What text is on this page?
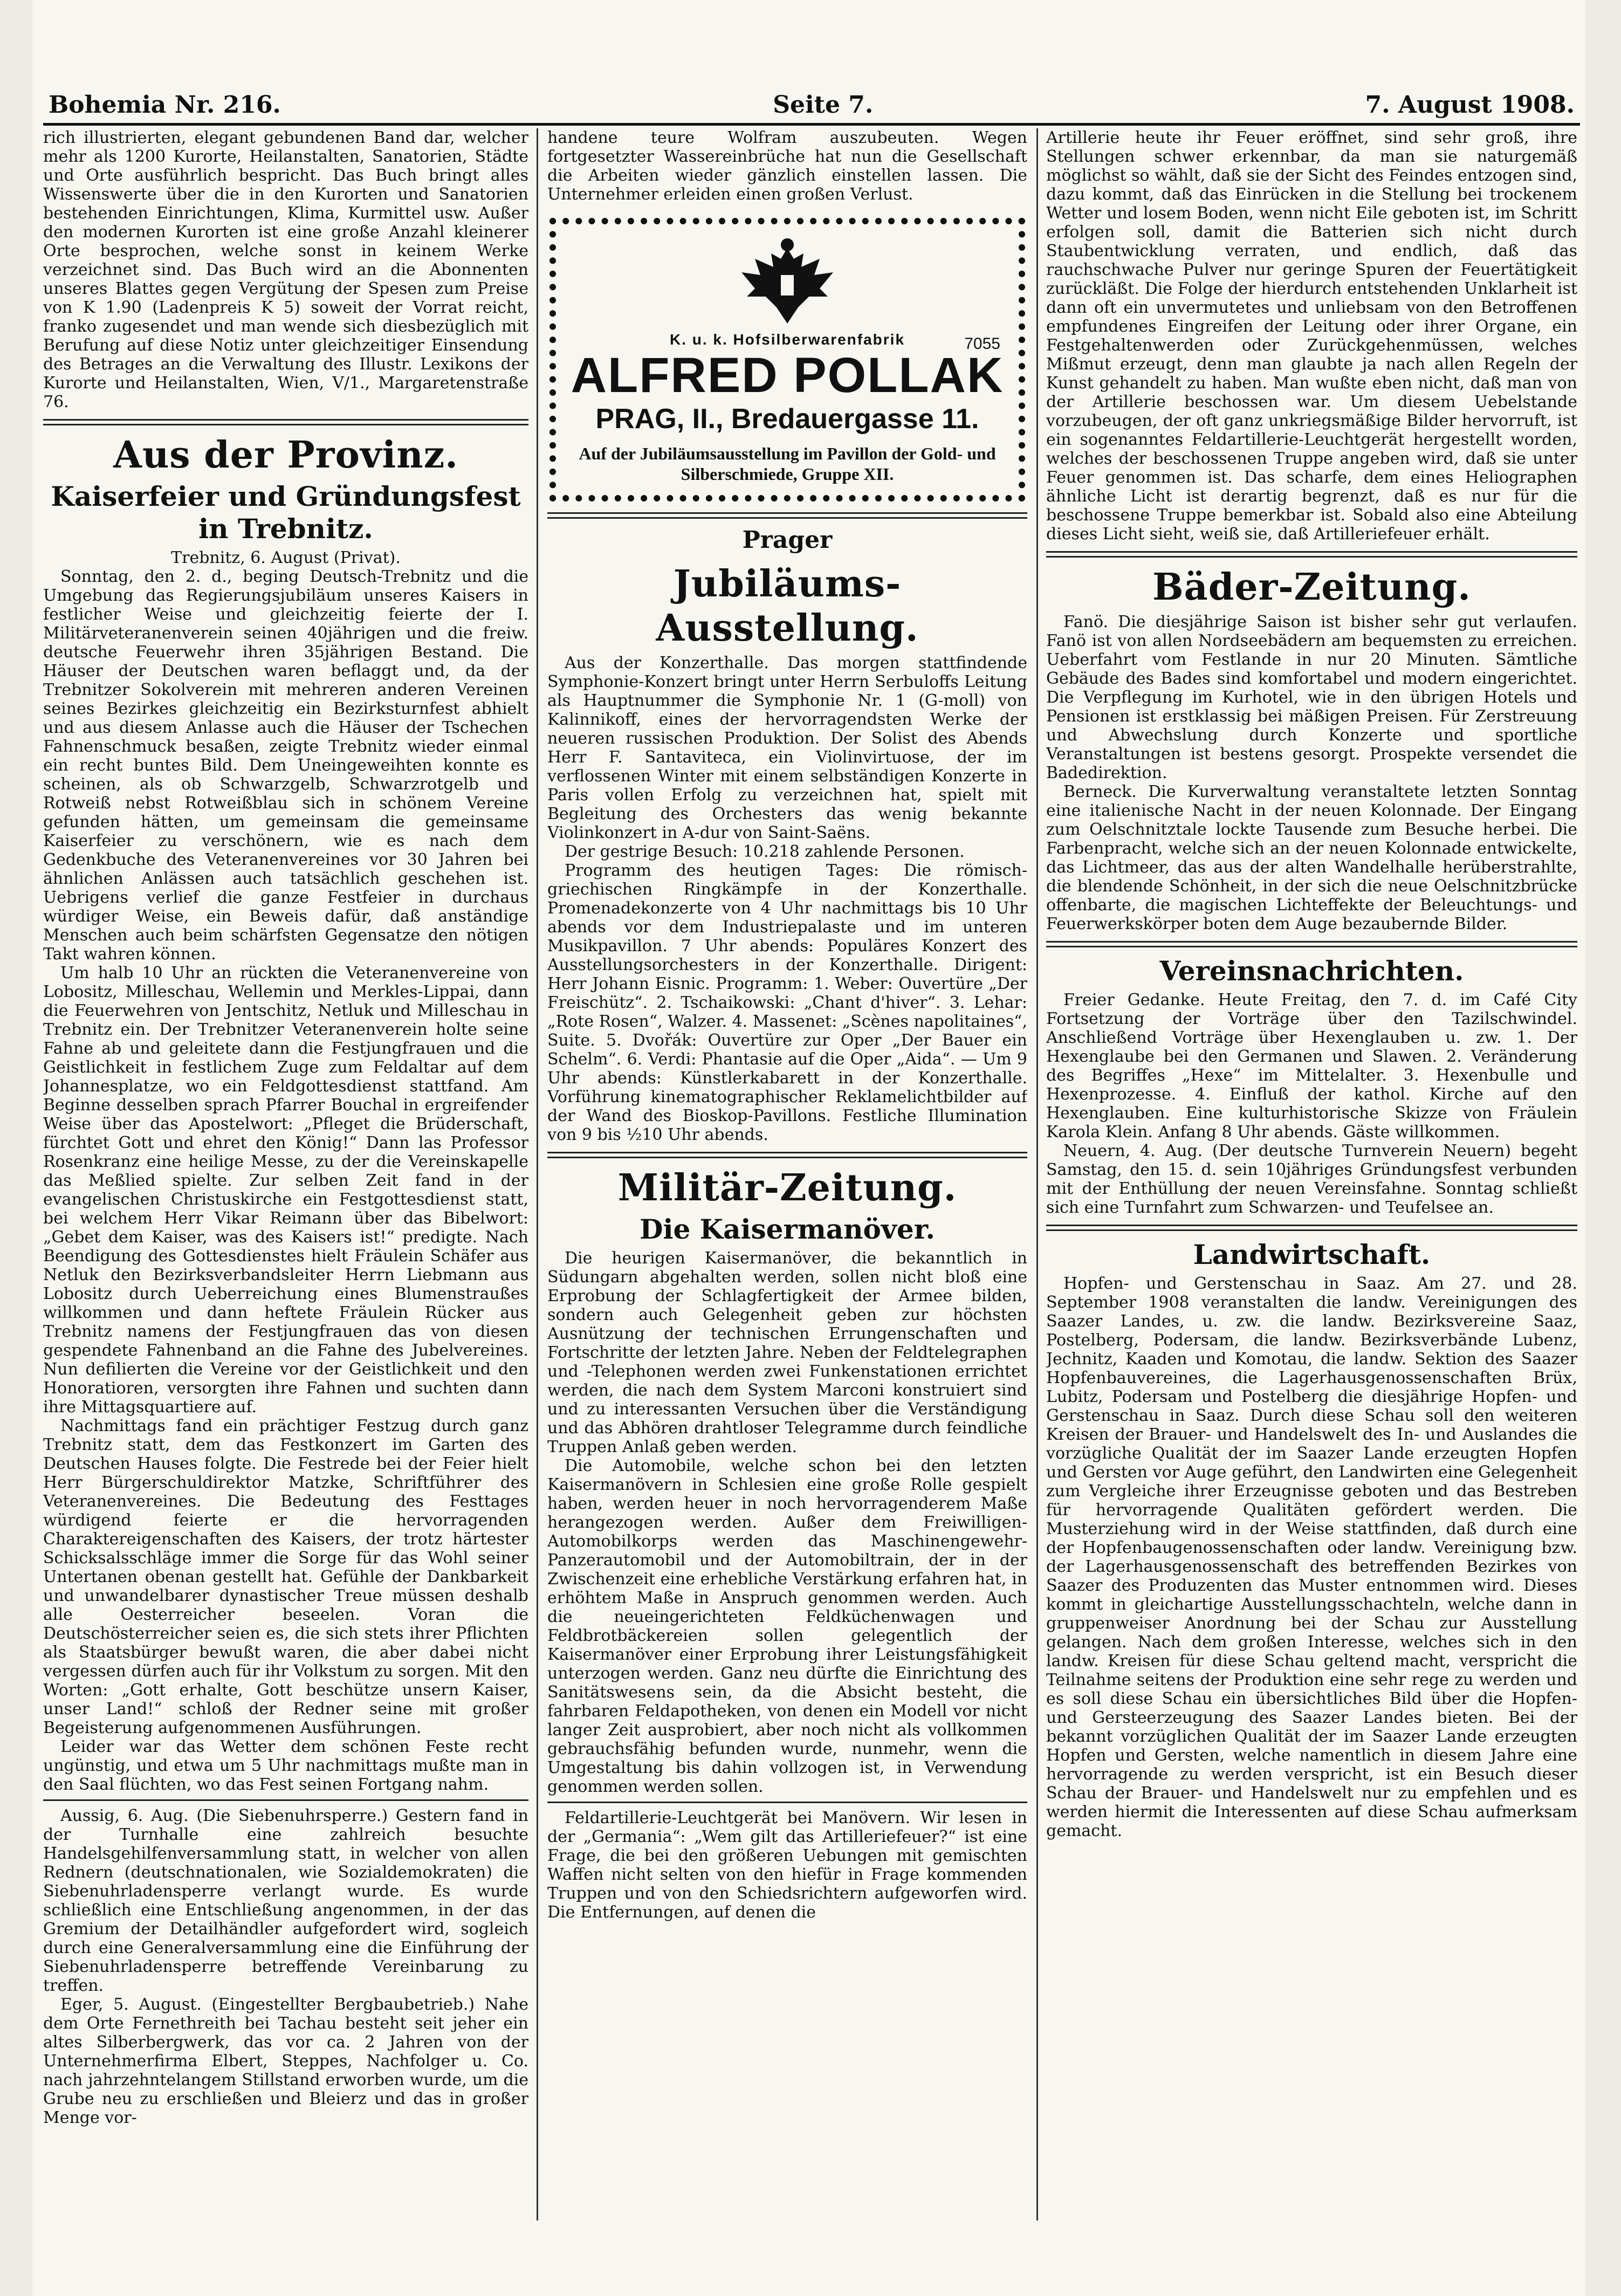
Bohemia Nr. 216.	Seite 7.	7. August 1908.

rich illustrierten, elegant gebundenen Band dar, welcher mehr als 1200 Kurorte, Heilanstalten, Sanatorien, Städte und Orte ausführlich bespricht. Das Buch bringt alles Wissenswerte über die in den Kurorten und Sanatorien bestehenden Einrichtungen, Klima, Kurmittel usw. Außer den modernen Kurorten ist eine große Anzahl kleinerer Orte besprochen, welche sonst in keinem Werke verzeichnet sind. Das Buch wird an die Abonnenten unseres Blattes gegen Vergütung der Spesen zum Preise von K 1.90 (Ladenpreis K 5) soweit der Vorrat reicht, franko zugesendet und man wende sich diesbezüglich mit Berufung auf diese Notiz unter gleichzeitiger Einsendung des Betrages an die Verwaltung des Illustr. Lexikons der Kurorte und Heilanstalten, Wien, V/1., Margaretenstraße 76.

Aus der Provinz.
Kaiserfeier und Gründungsfest in Trebnitz.

Trebnitz, 6. August (Privat).

Sonntag, den 2. d., beging Deutsch-Trebnitz und die Umgebung das Regierungsjubiläum unseres Kaisers in festlicher Weise und gleichzeitig feierte der I. Militärveteranenverein seinen 40jährigen und die freiw. deutsche Feuerwehr ihren 35jährigen Bestand. Die Häuser der Deutschen waren beflaggt und, da der Trebnitzer Sokolverein mit mehreren anderen Vereinen seines Bezirkes gleichzeitig ein Bezirksturnfest abhielt und aus diesem Anlasse auch die Häuser der Tschechen Fahnenschmuck besaßen, zeigte Trebnitz wieder einmal ein recht buntes Bild. Dem Uneingeweihten konnte es scheinen, als ob Schwarzgelb, Schwarzrotgelb und Rotweiß nebst Rotweißblau sich in schönem Vereine gefunden hätten, um gemeinsam die gemeinsame Kaiserfeier zu verschönern, wie es nach dem Gedenkbuche des Veteranenvereines vor 30 Jahren bei ähnlichen Anlässen auch tatsächlich geschehen ist. Uebrigens verlief die ganze Festfeier in durchaus würdiger Weise, ein Beweis dafür, daß anständige Menschen auch beim schärfsten Gegensatze den nötigen Takt wahren können.

Um halb 10 Uhr an rückten die Veteranenvereine von Lobositz, Milleschau, Wellemin und Merkles-Lippai, dann die Feuerwehren von Jentschitz, Netluk und Milleschau in Trebnitz ein. Der Trebnitzer Veteranenverein holte seine Fahne ab und geleitete dann die Festjungfrauen und die Geistlichkeit in festlichem Zuge zum Feldaltar auf dem Johannesplatze, wo ein Feldgottesdienst stattfand. Am Beginne desselben sprach Pfarrer Bouchal in ergreifender Weise über das Apostelwort: „Pfleget die Brüderschaft, fürchtet Gott und ehret den König!“ Dann las Professor Rosenkranz eine heilige Messe, zu der die Vereinskapelle das Meßlied spielte. Zur selben Zeit fand in der evangelischen Christuskirche ein Festgottesdienst statt, bei welchem Herr Vikar Reimann über das Bibelwort: „Gebet dem Kaiser, was des Kaisers ist!“ predigte. Nach Beendigung des Gottesdienstes hielt Fräulein Schäfer aus Netluk den Bezirksverbandsleiter Herrn Liebmann aus Lobositz durch Ueberreichung eines Blumenstraußes willkommen und dann heftete Fräulein Rücker aus Trebnitz namens der Festjungfrauen das von diesen gespendete Fahnenband an die Fahne des Jubelvereines. Nun defilierten die Vereine vor der Geistlichkeit und den Honoratioren, versorgten ihre Fahnen und suchten dann ihre Mittagsquartiere auf.

Nachmittags fand ein prächtiger Festzug durch ganz Trebnitz statt, dem das Festkonzert im Garten des Deutschen Hauses folgte. Die Festrede bei der Feier hielt Herr Bürgerschuldirektor Matzke, Schriftführer des Veteranenvereines. Die Bedeutung des Festtages würdigend feierte er die hervorragenden Charaktereigenschaften des Kaisers, der trotz härtester Schicksalsschläge immer die Sorge für das Wohl seiner Untertanen obenan gestellt hat. Gefühle der Dankbarkeit und unwandelbarer dynastischer Treue müssen deshalb alle Oesterreicher beseelen. Voran die Deutschösterreicher seien es, die sich stets ihrer Pflichten als Staatsbürger bewußt waren, die aber dabei nicht vergessen dürfen auch für ihr Volkstum zu sorgen. Mit den Worten: „Gott erhalte, Gott beschütze unsern Kaiser, unser Land!“ schloß der Redner seine mit großer Begeisterung aufgenommenen Ausführungen.

Leider war das Wetter dem schönen Feste recht ungünstig, und etwa um 5 Uhr nachmittags mußte man in den Saal flüchten, wo das Fest seinen Fortgang nahm.

Aussig, 6. Aug. (Die Siebenuhrsperre.) Gestern fand in der Turnhalle eine zahlreich besuchte Handelsgehilfenversammlung statt, in welcher von allen Rednern (deutschnationalen, wie Sozialdemokraten) die Siebenuhrladensperre verlangt wurde. Es wurde schließlich eine Entschließung angenommen, in der das Gremium der Detailhändler aufgefordert wird, sogleich durch eine Generalversammlung eine die Einführung der Siebenuhrladensperre betreffende Vereinbarung zu treffen.

Eger, 5. August. (Eingestellter Bergbaubetrieb.) Nahe dem Orte Fernethreith bei Tachau besteht seit jeher ein altes Silberbergwerk, das vor ca. 2 Jahren von der Unternehmerfirma Elbert, Steppes, Nachfolger u. Co. nach jahrzehntelangem Stillstand erworben wurde, um die Grube neu zu erschließen und Bleierz und das in großer Menge vor-

handene teure Wolfram auszubeuten. Wegen fortgesetzter Wassereinbrüche hat nun die Gesellschaft die Arbeiten wieder gänzlich einstellen lassen. Die Unternehmer erleiden einen großen Verlust.

7055
K. u. k. Hofsilberwarenfabrik
ALFRED POLLAK
PRAG, II., Bredauergasse 11.
Auf der Jubiläumsausstellung im Pavillon der Gold- und Silberschmiede, Gruppe XII.
Prager
Jubiläums-Ausstellung.

Aus der Konzerthalle. Das morgen stattfindende Symphonie-Konzert bringt unter Herrn Serbuloffs Leitung als Hauptnummer die Symphonie Nr. 1 (G-moll) von Kalinnikoff, eines der hervorragendsten Werke der neueren russischen Produktion. Der Solist des Abends Herr F. Santaviteca, ein Violinvirtuose, der im verflossenen Winter mit einem selbständigen Konzerte in Paris vollen Erfolg zu verzeichnen hat, spielt mit Begleitung des Orchesters das wenig bekannte Violinkonzert in A-dur von Saint-Saëns.

Der gestrige Besuch: 10.218 zahlende Personen.

Programm des heutigen Tages: Die römisch-griechischen Ringkämpfe in der Konzerthalle. Promenadekonzerte von 4 Uhr nachmittags bis 10 Uhr abends vor dem Industriepalaste und im unteren Musikpavillon. 7 Uhr abends: Populäres Konzert des Ausstellungsorchesters in der Konzerthalle. Dirigent: Herr Johann Eisnic. Programm: 1. Weber: Ouvertüre „Der Freischütz“. 2. Tschaikowski: „Chant d'hiver“. 3. Lehar: „Rote Rosen“, Walzer. 4. Massenet: „Scènes napolitaines“, Suite. 5. Dvořák: Ouvertüre zur Oper „Der Bauer ein Schelm“. 6. Verdi: Phantasie auf die Oper „Aida“. — Um 9 Uhr abends: Künstlerkabarett in der Konzerthalle. Vorführung kinematographischer Reklamelichtbilder auf der Wand des Bioskop-Pavillons. Festliche Illumination von 9 bis ½10 Uhr abends.

Militär-Zeitung.
Die Kaisermanöver.

Die heurigen Kaisermanöver, die bekanntlich in Südungarn abgehalten werden, sollen nicht bloß eine Erprobung der Schlagfertigkeit der Armee bilden, sondern auch Gelegenheit geben zur höchsten Ausnützung der technischen Errungenschaften und Fortschritte der letzten Jahre. Neben der Feldtelegraphen und -Telephonen werden zwei Funkenstationen errichtet werden, die nach dem System Marconi konstruiert sind und zu interessanten Versuchen über die Verständigung und das Abhören drahtloser Telegramme durch feindliche Truppen Anlaß geben werden.

Die Automobile, welche schon bei den letzten Kaisermanövern in Schlesien eine große Rolle gespielt haben, werden heuer in noch hervorragenderem Maße herangezogen werden. Außer dem Freiwilligen-Automobilkorps werden das Maschinengewehr-Panzerautomobil und der Automobiltrain, der in der Zwischenzeit eine erhebliche Verstärkung erfahren hat, in erhöhtem Maße in Anspruch genommen werden. Auch die neueingerichteten Feldküchenwagen und Feldbrotbäckereien sollen gelegentlich der Kaisermanöver einer Erprobung ihrer Leistungsfähigkeit unterzogen werden. Ganz neu dürfte die Einrichtung des Sanitätswesens sein, da die Absicht besteht, die fahrbaren Feldapotheken, von denen ein Modell vor nicht langer Zeit ausprobiert, aber noch nicht als vollkommen gebrauchsfähig befunden wurde, nunmehr, wenn die Umgestaltung bis dahin vollzogen ist, in Verwendung genommen werden sollen.

Feldartillerie-Leuchtgerät bei Manövern. Wir lesen in der „Germania“: „Wem gilt das Artilleriefeuer?“ ist eine Frage, die bei den größeren Uebungen mit gemischten Waffen nicht selten von den hiefür in Frage kommenden Truppen und von den Schiedsrichtern aufgeworfen wird. Die Entfernungen, auf denen die

Artillerie heute ihr Feuer eröffnet, sind sehr groß, ihre Stellungen schwer erkennbar, da man sie naturgemäß möglichst so wählt, daß sie der Sicht des Feindes entzogen sind, dazu kommt, daß das Einrücken in die Stellung bei trockenem Wetter und losem Boden, wenn nicht Eile geboten ist, im Schritt erfolgen soll, damit die Batterien sich nicht durch Staubentwicklung verraten, und endlich, daß das rauchschwache Pulver nur geringe Spuren der Feuertätigkeit zurückläßt. Die Folge der hierdurch entstehenden Unklarheit ist dann oft ein unvermutetes und unliebsam von den Betroffenen empfundenes Eingreifen der Leitung oder ihrer Organe, ein Festgehaltenwerden oder Zurückgehenmüssen, welches Mißmut erzeugt, denn man glaubte ja nach allen Regeln der Kunst gehandelt zu haben. Man wußte eben nicht, daß man von der Artillerie beschossen war. Um diesem Uebelstande vorzubeugen, der oft ganz unkriegsmäßige Bilder hervorruft, ist ein sogenanntes Feldartillerie-Leuchtgerät hergestellt worden, welches der beschossenen Truppe angeben wird, daß sie unter Feuer genommen ist. Das scharfe, dem eines Heliographen ähnliche Licht ist derartig begrenzt, daß es nur für die beschossene Truppe bemerkbar ist. Sobald also eine Abteilung dieses Licht sieht, weiß sie, daß Artilleriefeuer erhält.

Bäder-Zeitung.

Fanö. Die diesjährige Saison ist bisher sehr gut verlaufen. Fanö ist von allen Nordseebädern am bequemsten zu erreichen. Ueberfahrt vom Festlande in nur 20 Minuten. Sämtliche Gebäude des Bades sind komfortabel und modern eingerichtet. Die Verpflegung im Kurhotel, wie in den übrigen Hotels und Pensionen ist erstklassig bei mäßigen Preisen. Für Zerstreuung und Abwechslung durch Konzerte und sportliche Veranstaltungen ist bestens gesorgt. Prospekte versendet die Badedirektion.

Berneck. Die Kurverwaltung veranstaltete letzten Sonntag eine italienische Nacht in der neuen Kolonnade. Der Eingang zum Oelschnitztale lockte Tausende zum Besuche herbei. Die Farbenpracht, welche sich an der neuen Kolonnade entwickelte, das Lichtmeer, das aus der alten Wandelhalle herüberstrahlte, die blendende Schönheit, in der sich die neue Oelschnitzbrücke offenbarte, die magischen Lichteffekte der Beleuchtungs- und Feuerwerkskörper boten dem Auge bezaubernde Bilder.

Vereinsnachrichten.

Freier Gedanke. Heute Freitag, den 7. d. im Café City Fortsetzung der Vorträge über den Tazilschwindel. Anschließend Vorträge über Hexenglauben u. zw. 1. Der Hexenglaube bei den Germanen und Slawen. 2. Veränderung des Begriffes „Hexe“ im Mittelalter. 3. Hexenbulle und Hexenprozesse. 4. Einfluß der kathol. Kirche auf den Hexenglauben. Eine kulturhistorische Skizze von Fräulein Karola Klein. Anfang 8 Uhr abends. Gäste willkommen.

Neuern, 4. Aug. (Der deutsche Turnverein Neuern) begeht Samstag, den 15. d. sein 10jähriges Gründungsfest verbunden mit der Enthüllung der neuen Vereinsfahne. Sonntag schließt sich eine Turnfahrt zum Schwarzen- und Teufelsee an.

Landwirtschaft.

Hopfen- und Gerstenschau in Saaz. Am 27. und 28. September 1908 veranstalten die landw. Vereinigungen des Saazer Landes, u. zw. die landw. Bezirksvereine Saaz, Postelberg, Podersam, die landw. Bezirksverbände Lubenz, Jechnitz, Kaaden und Komotau, die landw. Sektion des Saazer Hopfenbauvereines, die Lagerhausgenossenschaften Brüx, Lubitz, Podersam und Postelberg die diesjährige Hopfen- und Gerstenschau in Saaz. Durch diese Schau soll den weiteren Kreisen der Brauer- und Handelswelt des In- und Auslandes die vorzügliche Qualität der im Saazer Lande erzeugten Hopfen und Gersten vor Auge geführt, den Landwirten eine Gelegenheit zum Vergleiche ihrer Erzeugnisse geboten und das Bestreben für hervorragende Qualitäten gefördert werden. Die Musterziehung wird in der Weise stattfinden, daß durch eine der Hopfenbaugenossenschaften oder landw. Vereinigung bzw. der Lagerhausgenossenschaft des betreffenden Bezirkes von Saazer des Produzenten das Muster entnommen wird. Dieses kommt in gleichartige Ausstellungsschachteln, welche dann in gruppenweiser Anordnung bei der Schau zur Ausstellung gelangen. Nach dem großen Interesse, welches sich in den landw. Kreisen für diese Schau geltend macht, verspricht die Teilnahme seitens der Produktion eine sehr rege zu werden und es soll diese Schau ein übersichtliches Bild über die Hopfen- und Gersteerzeugung des Saazer Landes bieten. Bei der bekannt vorzüglichen Qualität der im Saazer Lande erzeugten Hopfen und Gersten, welche namentlich in diesem Jahre eine hervorragende zu werden verspricht, ist ein Besuch dieser Schau der Brauer- und Handelswelt nur zu empfehlen und es werden hiermit die Interessenten auf diese Schau aufmerksam gemacht.
